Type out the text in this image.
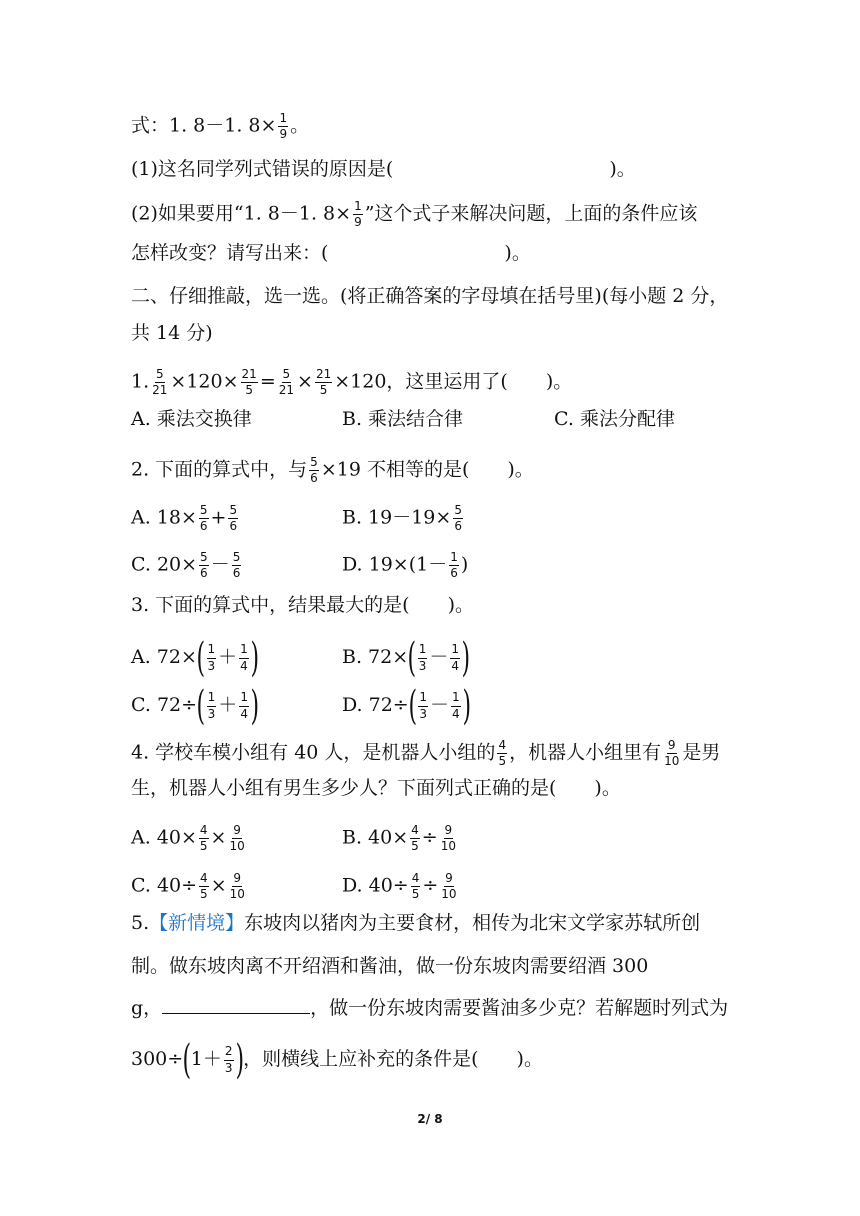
式：1. 8－1. $8\times \frac{1}{9}$ 。
(1)这名同学列式错误的原因是(	)。
(2)如果要用“1. 8－1. $8\times \frac{1}{9}$ ”这个式子来解决问题，上面的条件应该
怎样改变？请写出来：(	)。
二、仔细推敲，选一选。(将正确答案的字母填在括号里)(每小题 2 分，
共 14 分)
1. $\frac{5}{21} \times 120\times \frac{21}{5} = \frac{5}{21} \times \frac{21}{5} \times 120$，这里运用了(　　)。
A. 乘法交换律	B. 乘法结合律	C. 乘法分配律
2. 下面的算式中，与 $\frac{5}{6} \times 19$ 不相等的是(　　)。
A. $18\times \frac{5}{6} + \frac{5}{6}$	B. $19-19\times \frac{5}{6}$
C. $20\times \frac{5}{6} - \frac{5}{6}$	D. $19\times(1- \frac{1}{6}$ )
3. 下面的算式中，结果最大的是(　　)。
A. $72\times( \frac{1}{3} + \frac{1}{4}$ )	B. $72\times( \frac{1}{3} - \frac{1}{4}$ )
C. $72\div( \frac{1}{3} + \frac{1}{4}$ )	D. $72\div( \frac{1}{3} - \frac{1}{4}$ )
4. 学校车模小组有 40 人，是机器人小组的 $\frac{4}{5}$ ，机器人小组里有 $\frac{9}{10}$ 是男
生，机器人小组有男生多少人？下面列式正确的是(　　)。
A. $40\times \frac{4}{5} \times \frac{9}{10}$	B. $40\times \frac{4}{5} \div \frac{9}{10}$
C. $40\div \frac{4}{5} \times \frac{9}{10}$	D. $40\div \frac{4}{5} \div \frac{9}{10}$
5.【新情境】东坡肉以猪肉为主要食材，相传为北宋文学家苏轼所创
制。做东坡肉离不开绍酒和酱油，做一份东坡肉需要绍酒 300
g，	，做一份东坡肉需要酱油多少克？若解题时列式为
$300\div(1+ \frac{2}{3}$ )，则横线上应补充的条件是(　　)。
2/ 8
